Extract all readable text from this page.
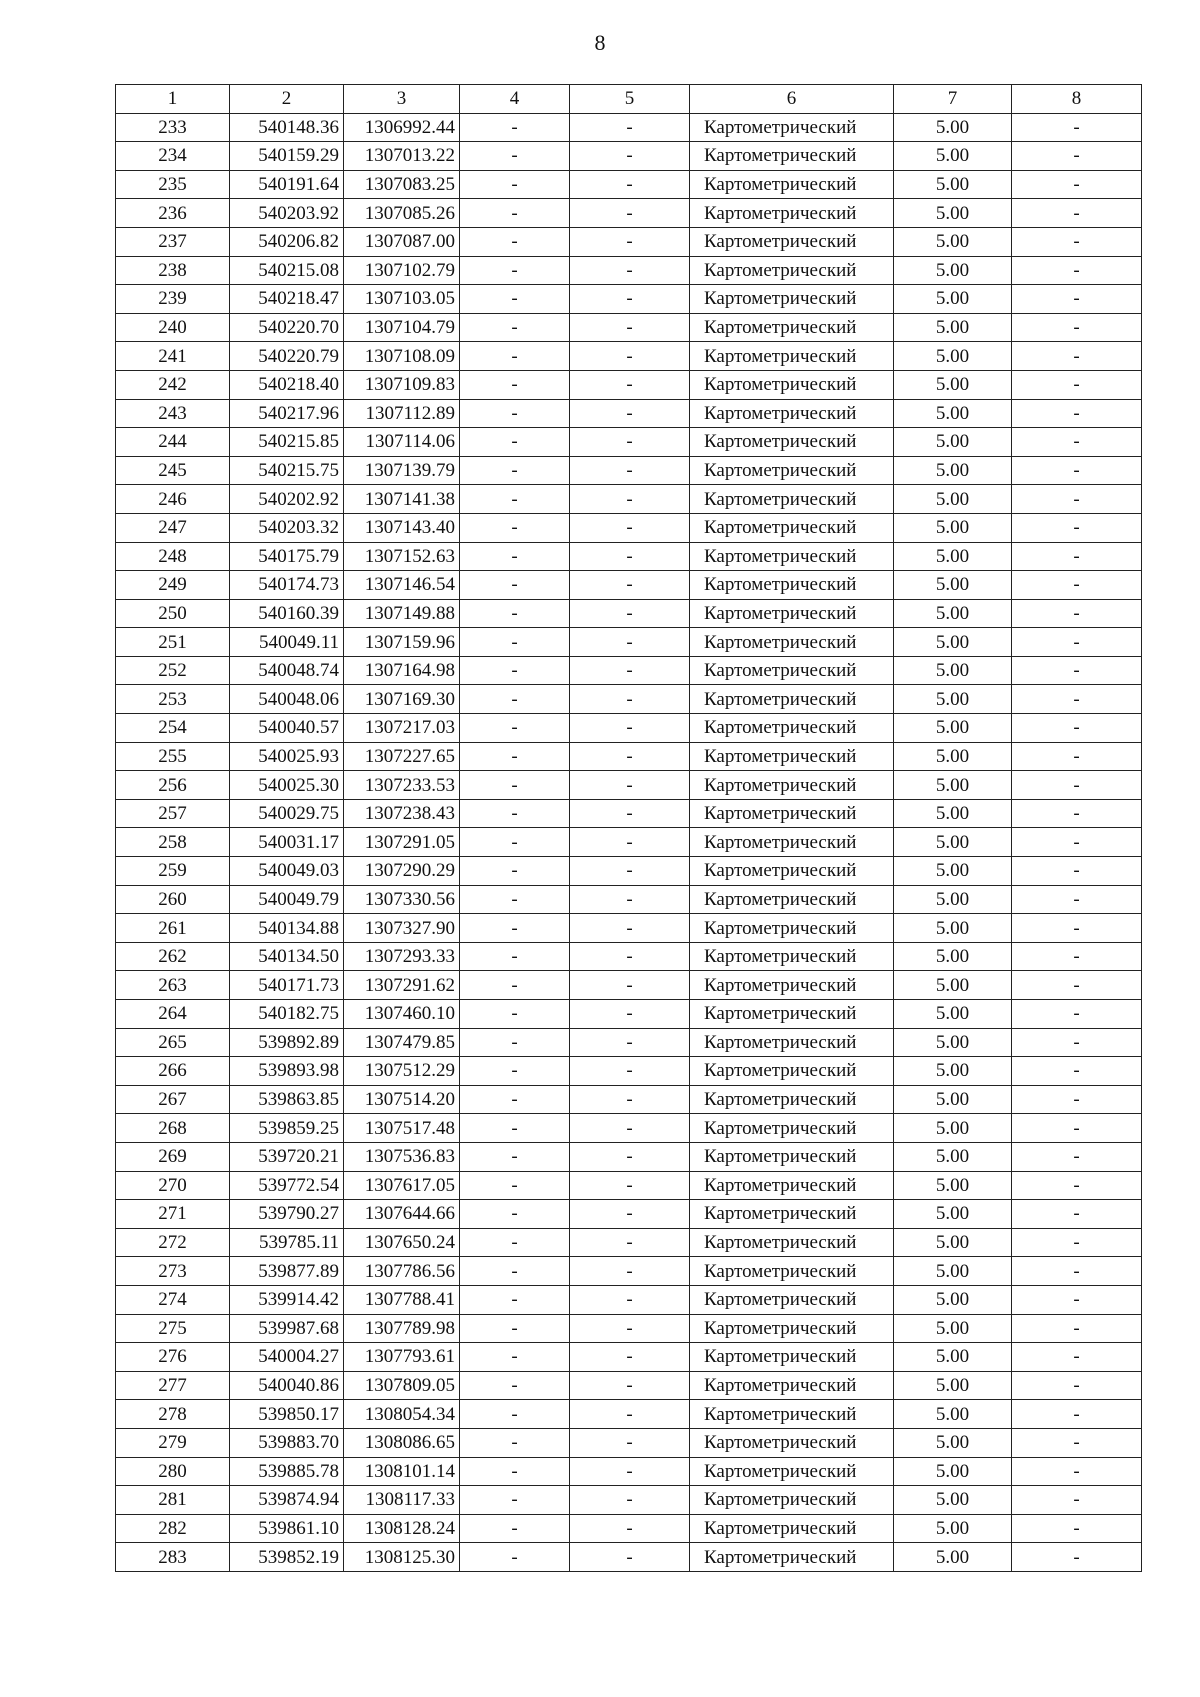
8
1	2	3	4	5	6	7	8
233	540148.36	1306992.44	-	-	Картометрический	5.00	-
234	540159.29	1307013.22	-	-	Картометрический	5.00	-
235	540191.64	1307083.25	-	-	Картометрический	5.00	-
236	540203.92	1307085.26	-	-	Картометрический	5.00	-
237	540206.82	1307087.00	-	-	Картометрический	5.00	-
238	540215.08	1307102.79	-	-	Картометрический	5.00	-
239	540218.47	1307103.05	-	-	Картометрический	5.00	-
240	540220.70	1307104.79	-	-	Картометрический	5.00	-
241	540220.79	1307108.09	-	-	Картометрический	5.00	-
242	540218.40	1307109.83	-	-	Картометрический	5.00	-
243	540217.96	1307112.89	-	-	Картометрический	5.00	-
244	540215.85	1307114.06	-	-	Картометрический	5.00	-
245	540215.75	1307139.79	-	-	Картометрический	5.00	-
246	540202.92	1307141.38	-	-	Картометрический	5.00	-
247	540203.32	1307143.40	-	-	Картометрический	5.00	-
248	540175.79	1307152.63	-	-	Картометрический	5.00	-
249	540174.73	1307146.54	-	-	Картометрический	5.00	-
250	540160.39	1307149.88	-	-	Картометрический	5.00	-
251	540049.11	1307159.96	-	-	Картометрический	5.00	-
252	540048.74	1307164.98	-	-	Картометрический	5.00	-
253	540048.06	1307169.30	-	-	Картометрический	5.00	-
254	540040.57	1307217.03	-	-	Картометрический	5.00	-
255	540025.93	1307227.65	-	-	Картометрический	5.00	-
256	540025.30	1307233.53	-	-	Картометрический	5.00	-
257	540029.75	1307238.43	-	-	Картометрический	5.00	-
258	540031.17	1307291.05	-	-	Картометрический	5.00	-
259	540049.03	1307290.29	-	-	Картометрический	5.00	-
260	540049.79	1307330.56	-	-	Картометрический	5.00	-
261	540134.88	1307327.90	-	-	Картометрический	5.00	-
262	540134.50	1307293.33	-	-	Картометрический	5.00	-
263	540171.73	1307291.62	-	-	Картометрический	5.00	-
264	540182.75	1307460.10	-	-	Картометрический	5.00	-
265	539892.89	1307479.85	-	-	Картометрический	5.00	-
266	539893.98	1307512.29	-	-	Картометрический	5.00	-
267	539863.85	1307514.20	-	-	Картометрический	5.00	-
268	539859.25	1307517.48	-	-	Картометрический	5.00	-
269	539720.21	1307536.83	-	-	Картометрический	5.00	-
270	539772.54	1307617.05	-	-	Картометрический	5.00	-
271	539790.27	1307644.66	-	-	Картометрический	5.00	-
272	539785.11	1307650.24	-	-	Картометрический	5.00	-
273	539877.89	1307786.56	-	-	Картометрический	5.00	-
274	539914.42	1307788.41	-	-	Картометрический	5.00	-
275	539987.68	1307789.98	-	-	Картометрический	5.00	-
276	540004.27	1307793.61	-	-	Картометрический	5.00	-
277	540040.86	1307809.05	-	-	Картометрический	5.00	-
278	539850.17	1308054.34	-	-	Картометрический	5.00	-
279	539883.70	1308086.65	-	-	Картометрический	5.00	-
280	539885.78	1308101.14	-	-	Картометрический	5.00	-
281	539874.94	1308117.33	-	-	Картометрический	5.00	-
282	539861.10	1308128.24	-	-	Картометрический	5.00	-
283	539852.19	1308125.30	-	-	Картометрический	5.00	-
